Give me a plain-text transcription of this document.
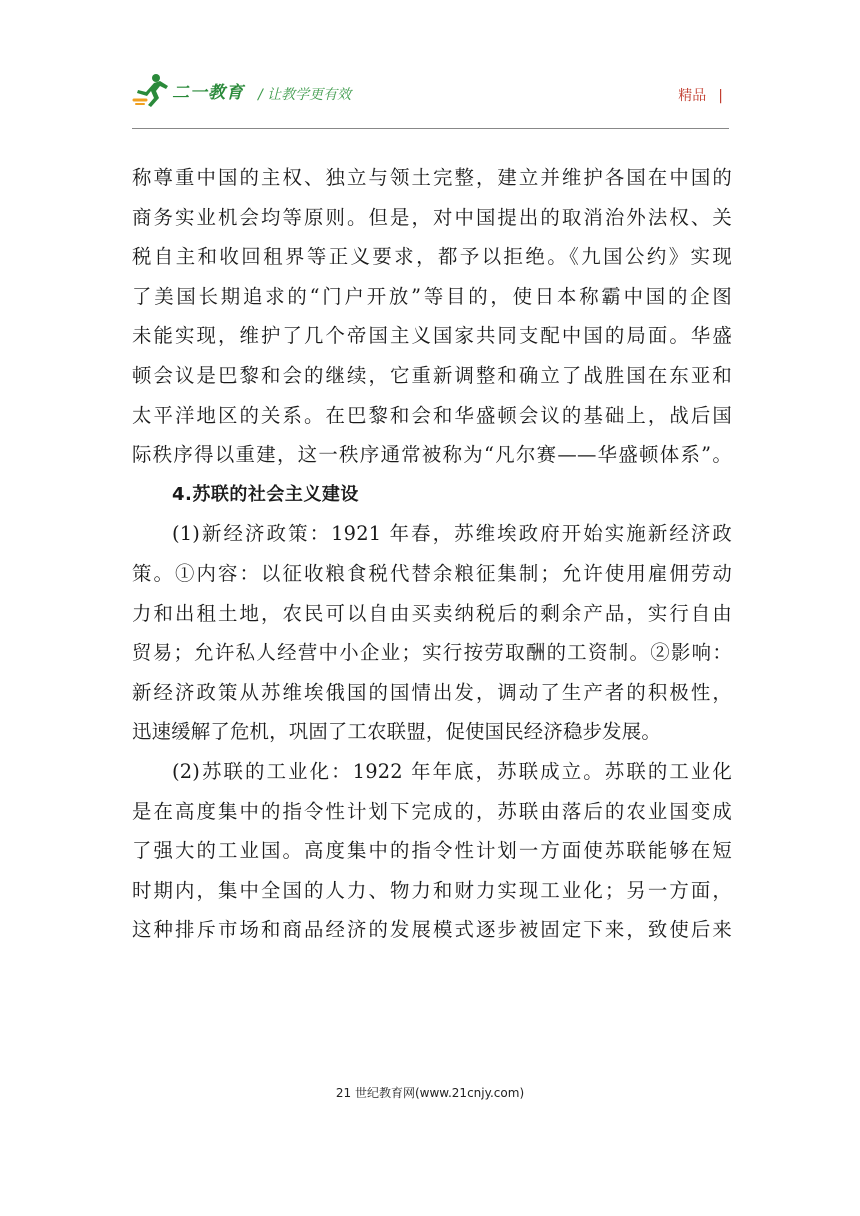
二一教育 / 让教学更有效	精品 |
称尊重中国的主权、独立与领土完整，建立并维护各国在中国的
商务实业机会均等原则。但是，对中国提出的取消治外法权、关
税自主和收回租界等正义要求，都予以拒绝。《九国公约》实现
了美国长期追求的“门户开放”等目的，使日本称霸中国的企图
未能实现，维护了几个帝国主义国家共同支配中国的局面。华盛
顿会议是巴黎和会的继续，它重新调整和确立了战胜国在东亚和
太平洋地区的关系。在巴黎和会和华盛顿会议的基础上，战后国
际秩序得以重建，这一秩序通常被称为“凡尔赛——华盛顿体系”。
4.苏联的社会主义建设
(1)新经济政策：1921 年春，苏维埃政府开始实施新经济政
策。①内容：以征收粮食税代替余粮征集制；允许使用雇佣劳动
力和出租土地，农民可以自由买卖纳税后的剩余产品，实行自由
贸易；允许私人经营中小企业；实行按劳取酬的工资制。②影响：
新经济政策从苏维埃俄国的国情出发，调动了生产者的积极性，
迅速缓解了危机，巩固了工农联盟，促使国民经济稳步发展。
(2)苏联的工业化：1922 年年底，苏联成立。苏联的工业化
是在高度集中的指令性计划下完成的，苏联由落后的农业国变成
了强大的工业国。高度集中的指令性计划一方面使苏联能够在短
时期内，集中全国的人力、物力和财力实现工业化；另一方面，
这种排斥市场和商品经济的发展模式逐步被固定下来，致使后来
21 世纪教育网(www.21cnjy.com)
